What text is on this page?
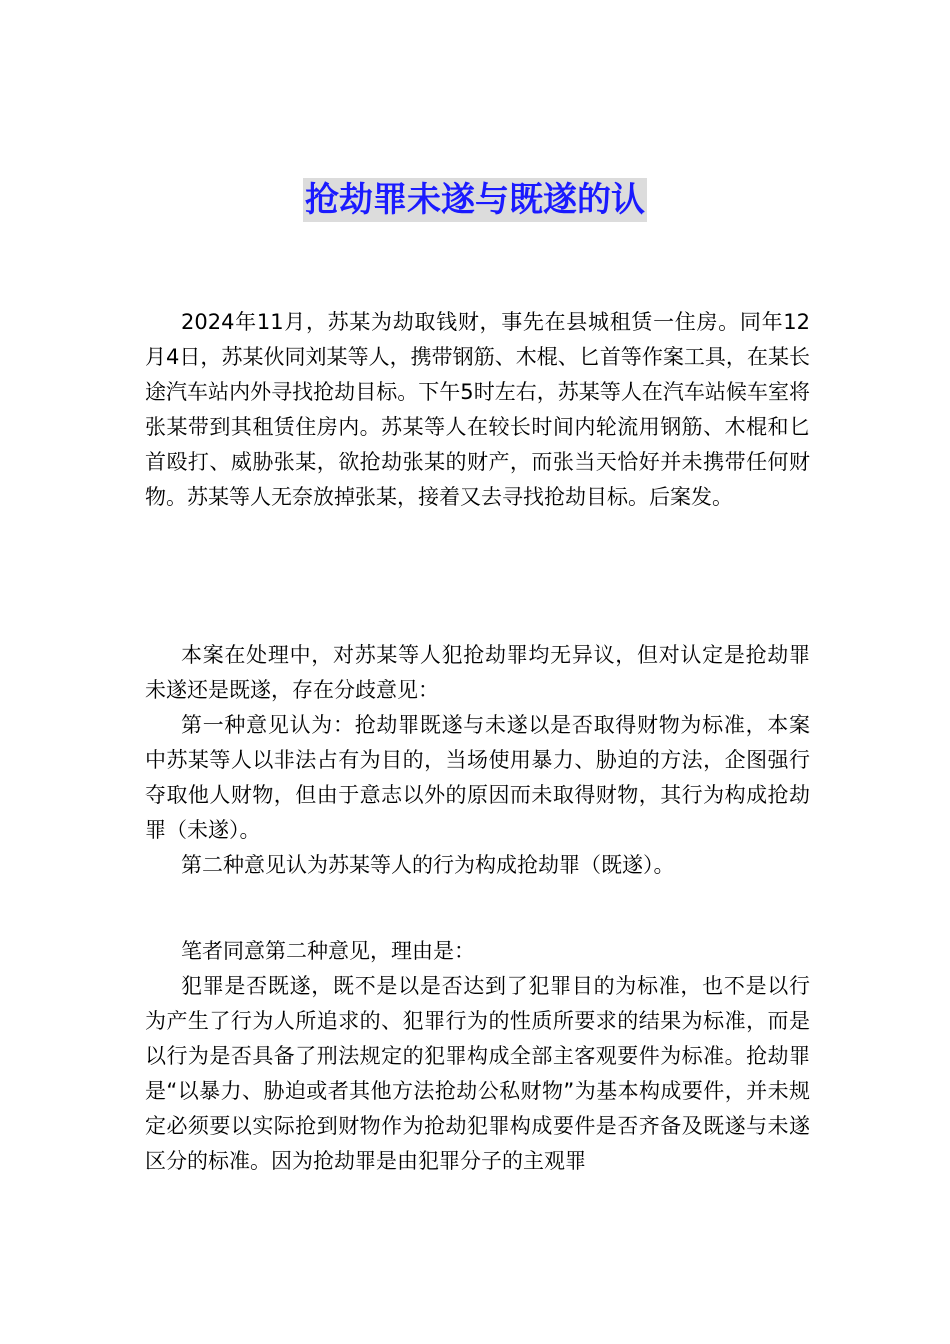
抢劫罪未遂与既遂的认

2024年11月，苏某为劫取钱财，事先在县城租赁一住房。同年12月4日，苏某伙同刘某等人，携带钢筋、木棍、匕首等作案工具，在某长途汽车站内外寻找抢劫目标。下午5时左右，苏某等人在汽车站候车室将张某带到其租赁住房内。苏某等人在较长时间内轮流用钢筋、木棍和匕首殴打、威胁张某，欲抢劫张某的财产，而张当天恰好并未携带任何财物。苏某等人无奈放掉张某，接着又去寻找抢劫目标。后案发。

本案在处理中，对苏某等人犯抢劫罪均无异议，但对认定是抢劫罪未遂还是既遂，存在分歧意见：

第一种意见认为：抢劫罪既遂与未遂以是否取得财物为标准，本案中苏某等人以非法占有为目的，当场使用暴力、胁迫的方法，企图强行夺取他人财物，但由于意志以外的原因而未取得财物，其行为构成抢劫罪（未遂）。

第二种意见认为苏某等人的行为构成抢劫罪（既遂）。

笔者同意第二种意见，理由是：

犯罪是否既遂，既不是以是否达到了犯罪目的为标准，也不是以行为产生了行为人所追求的、犯罪行为的性质所要求的结果为标准，而是以行为是否具备了刑法规定的犯罪构成全部主客观要件为标准。抢劫罪是“以暴力、胁迫或者其他方法抢劫公私财物”为基本构成要件，并未规定必须要以实际抢到财物作为抢劫犯罪构成要件是否齐备及既遂与未遂区分的标准。因为抢劫罪是由犯罪分子的主观罪
